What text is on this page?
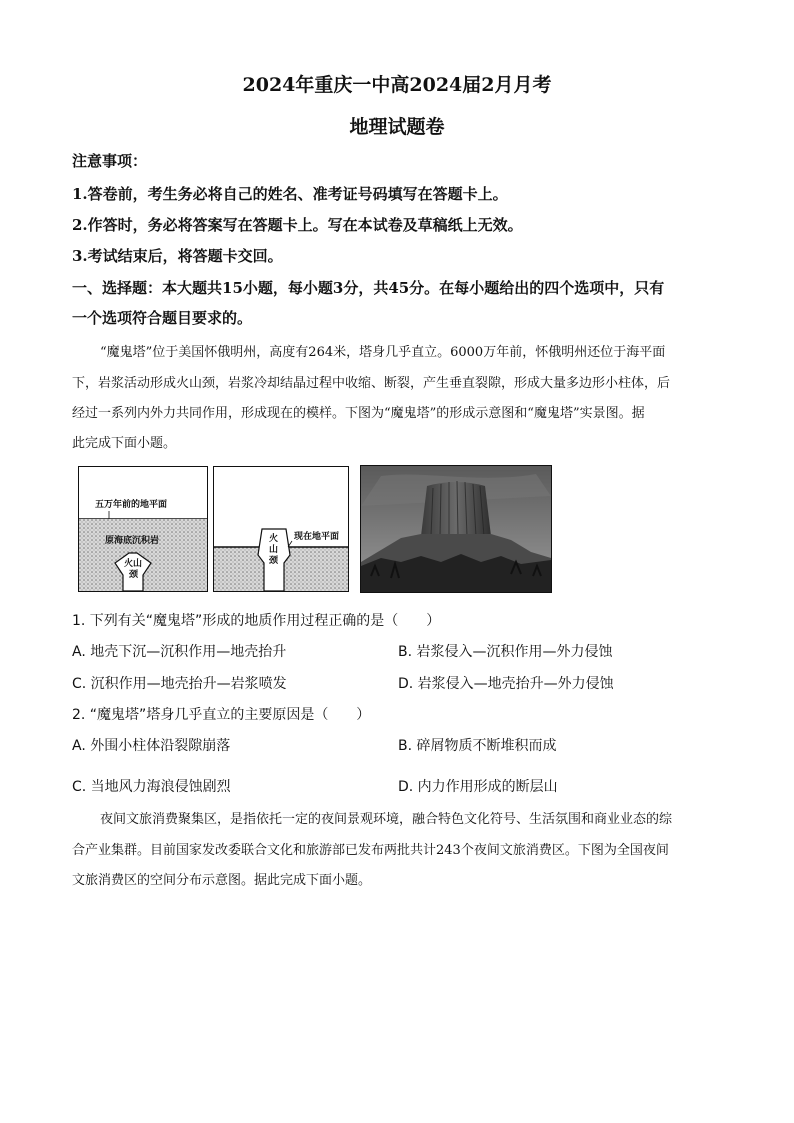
2024年重庆一中高2024届2月月考
地理试题卷
注意事项：
1.答卷前，考生务必将自己的姓名、准考证号码填写在答题卡上。
2.作答时，务必将答案写在答题卡上。写在本试卷及草稿纸上无效。
3.考试结束后，将答题卡交回。
一、选择题：本大题共15小题，每小题3分，共45分。在每小题给出的四个选项中，只有
一个选项符合题目要求的。
“魔鬼塔”位于美国怀俄明州，高度有264米，塔身几乎直立。6000万年前，怀俄明州还位于海平面
下，岩浆活动形成火山颈，岩浆冷却结晶过程中收缩、断裂，产生垂直裂隙，形成大量多边形小柱体，后
经过一系列内外力共同作用，形成现在的模样。下图为“魔鬼塔”的形成示意图和“魔鬼塔”实景图。据
此完成下面小题。
五万年前的地平面
原海底沉积岩
火山
颈
火
山
颈
现在地平面
1. 下列有关“魔鬼塔”形成的地质作用过程正确的是（　　）
A. 地壳下沉—沉积作用—地壳抬升	B. 岩浆侵入—沉积作用—外力侵蚀
C. 沉积作用—地壳抬升—岩浆喷发	D. 岩浆侵入—地壳抬升—外力侵蚀
2. “魔鬼塔”塔身几乎直立的主要原因是（　　）
A. 外围小柱体沿裂隙崩落	B. 碎屑物质不断堆积而成
C. 当地风力海浪侵蚀剧烈	D. 内力作用形成的断层山
夜间文旅消费聚集区，是指依托一定的夜间景观环境，融合特色文化符号、生活氛围和商业业态的综
合产业集群。目前国家发改委联合文化和旅游部已发布两批共计243个夜间文旅消费区。下图为全国夜间
文旅消费区的空间分布示意图。据此完成下面小题。
